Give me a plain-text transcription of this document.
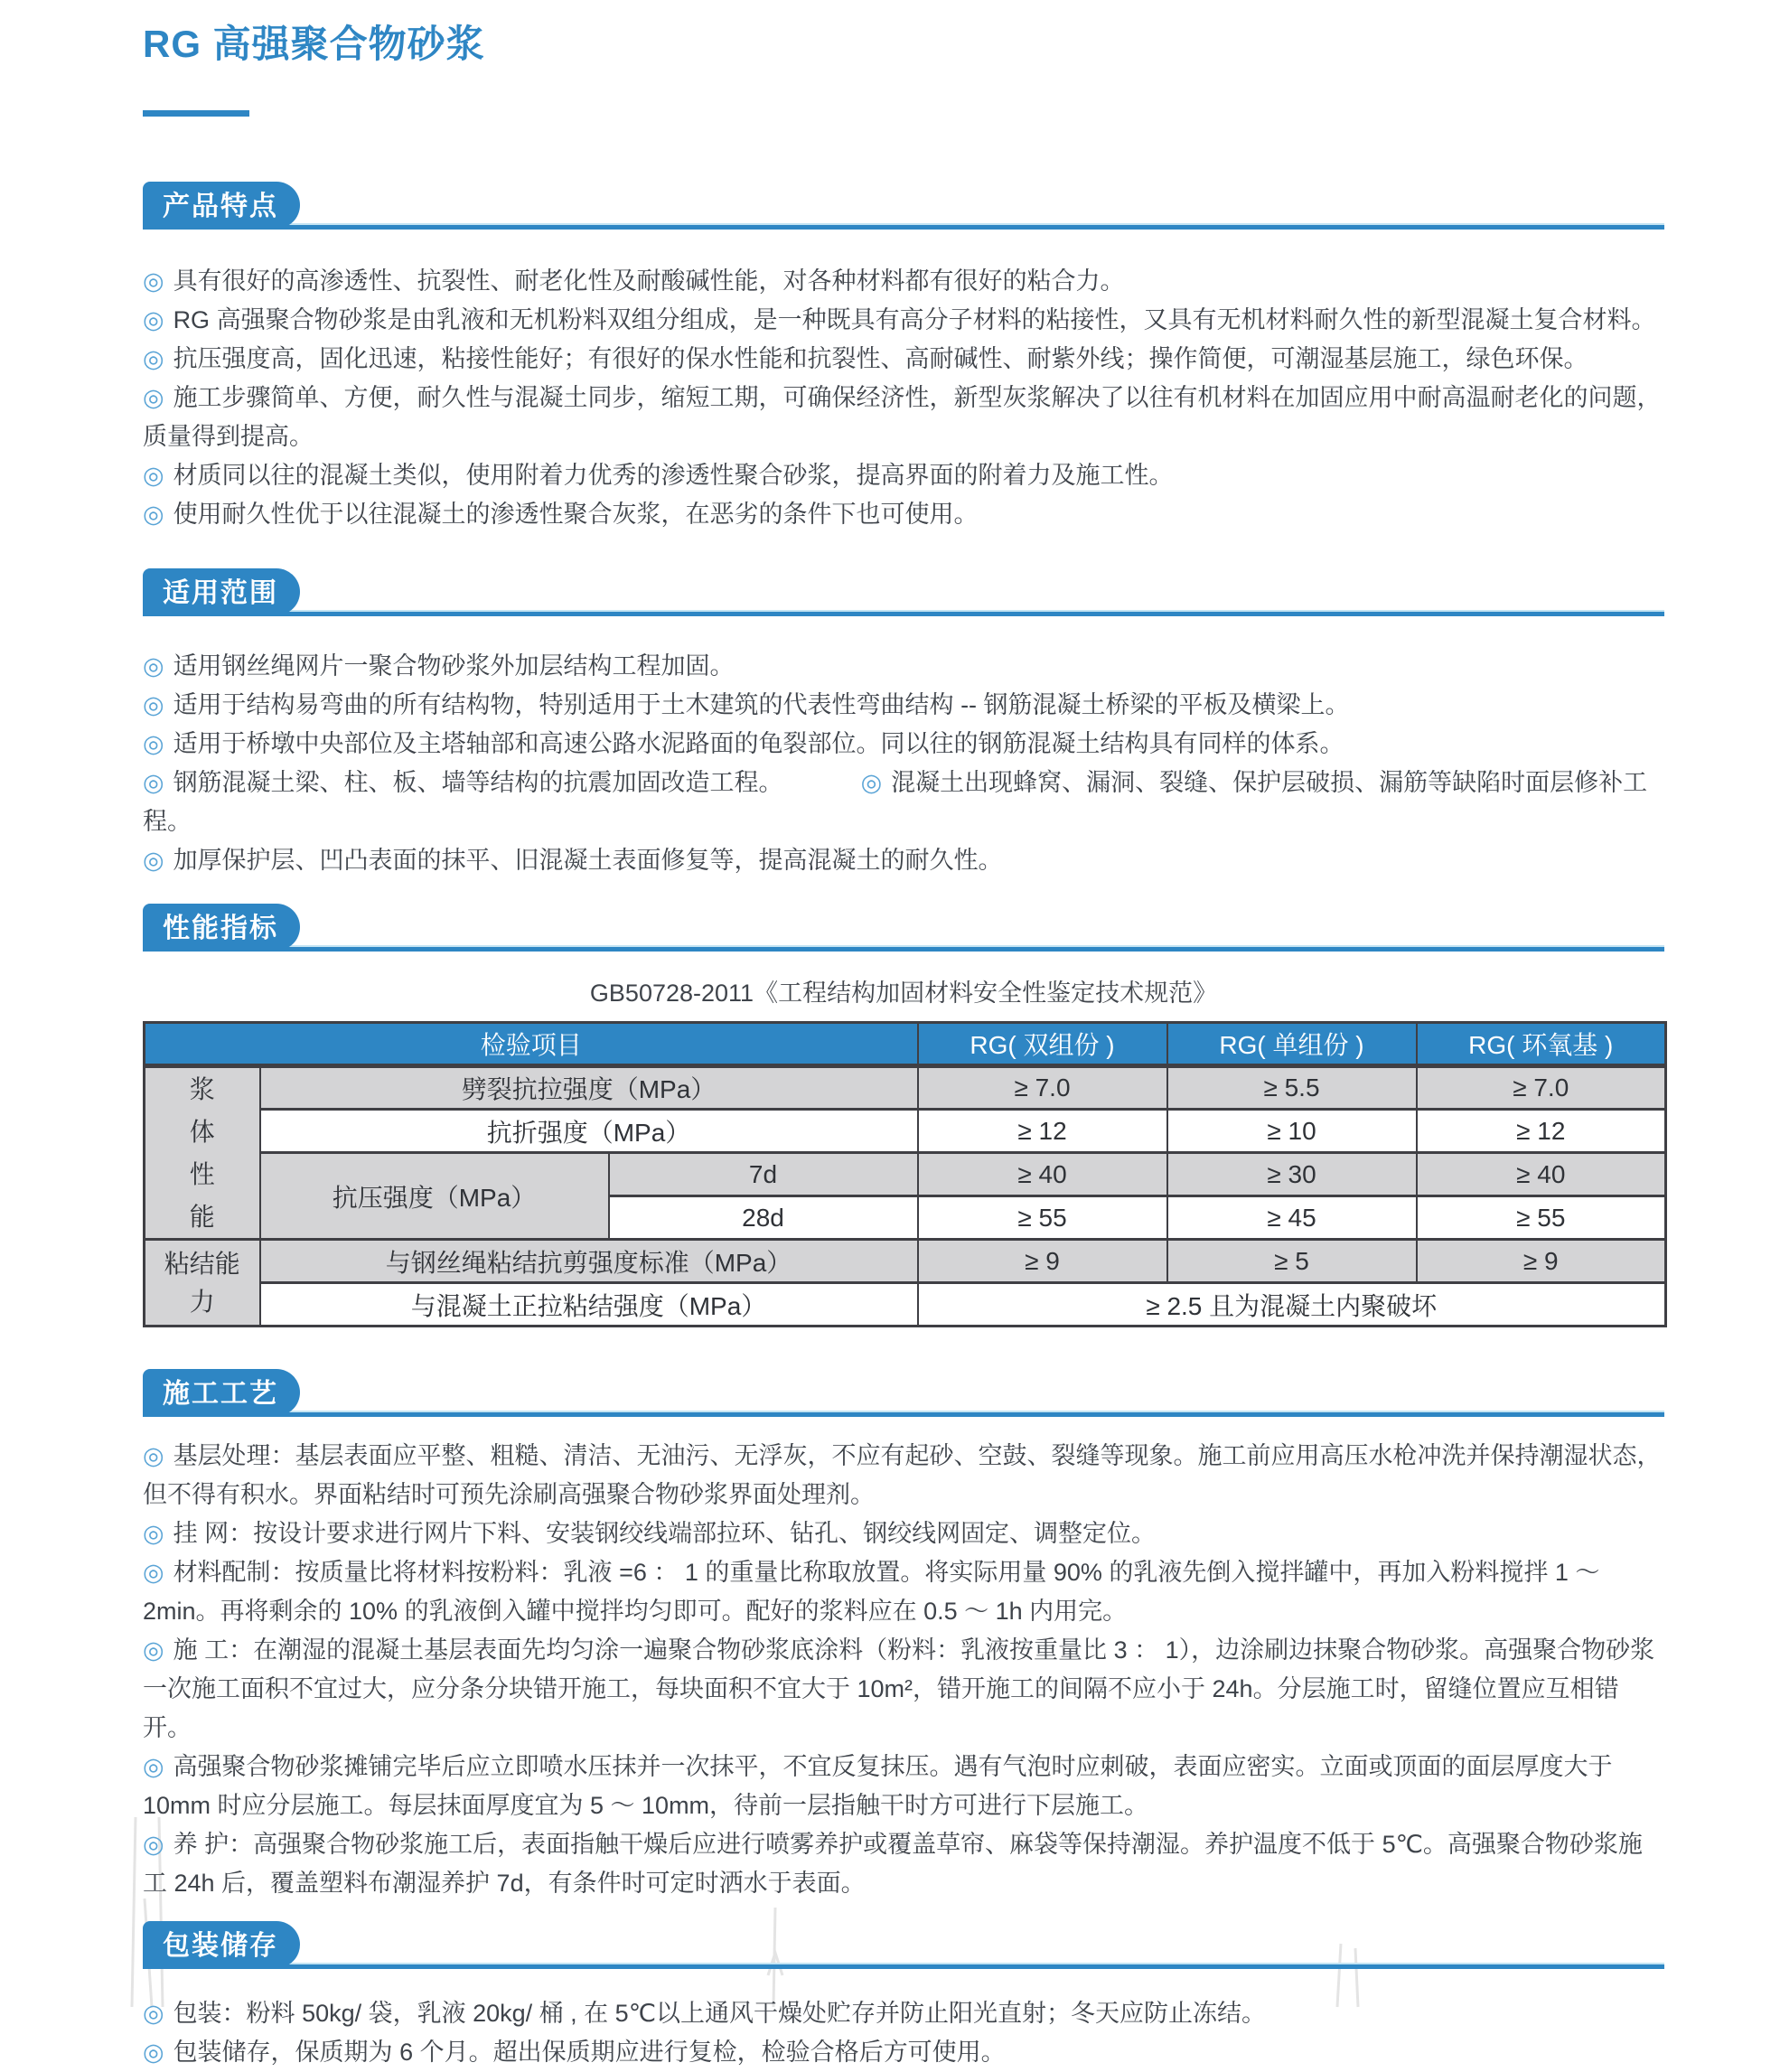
RG 高强聚合物砂浆
产品特点
◎ 具有很好的高渗透性、抗裂性、耐老化性及耐酸碱性能，对各种材料都有很好的粘合力。
◎ RG 高强聚合物砂浆是由乳液和无机粉料双组分组成，是一种既具有高分子材料的粘接性，又具有无机材料耐久性的新型混凝土复合材料。
◎ 抗压强度高，固化迅速，粘接性能好；有很好的保水性能和抗裂性、高耐碱性、耐紫外线；操作简便，可潮湿基层施工，绿色环保。
◎ 施工步骤简单、方便，耐久性与混凝土同步，缩短工期，可确保经济性，新型灰浆解决了以往有机材料在加固应用中耐高温耐老化的问题，质量得到提高。
◎ 材质同以往的混凝土类似，使用附着力优秀的渗透性聚合砂浆，提高界面的附着力及施工性。
◎ 使用耐久性优于以往混凝土的渗透性聚合灰浆，在恶劣的条件下也可使用。
适用范围
◎ 适用钢丝绳网片一聚合物砂浆外加层结构工程加固。
◎ 适用于结构易弯曲的所有结构物，特别适用于土木建筑的代表性弯曲结构 -- 钢筋混凝土桥梁的平板及横梁上。
◎ 适用于桥墩中央部位及主塔轴部和高速公路水泥路面的龟裂部位。同以往的钢筋混凝土结构具有同样的体系。
◎ 钢筋混凝土梁、柱、板、墙等结构的抗震加固改造工程。	◎ 混凝土出现蜂窝、漏洞、裂缝、保护层破损、漏筋等缺陷时面层修补工程。
◎ 加厚保护层、凹凸表面的抹平、旧混凝土表面修复等，提高混凝土的耐久性。
性能指标
GB50728-2011《工程结构加固材料安全性鉴定技术规范》
检验项目			RG( 双组份 )	RG( 单组份 )	RG( 环氧基 )

浆体性能	劈裂抗拉强度（MPa）		≥ 7.0	≥ 5.5	≥ 7.0
	抗折强度（MPa）		≥ 12	≥ 10	≥ 12
	抗压强度（MPa）	7d	≥ 40	≥ 30	≥ 40
		28d	≥ 55	≥ 45	≥ 55

粘结能力	与钢丝绳粘结抗剪强度标准（MPa）		≥ 9	≥ 5	≥ 9
	与混凝土正拉粘结强度（MPa）		≥ 2.5 且为混凝土内聚破坏		
施工工艺
◎ 基层处理：基层表面应平整、粗糙、清洁、无油污、无浮灰，不应有起砂、空鼓、裂缝等现象。施工前应用高压水枪冲洗并保持潮湿状态，但不得有积水。界面粘结时可预先涂刷高强聚合物砂浆界面处理剂。
◎ 挂 网：按设计要求进行网片下料、安装钢绞线端部拉环、钻孔、钢绞线网固定、调整定位。
◎ 材料配制：按质量比将材料按粉料：乳液 =6 ： 1 的重量比称取放置。将实际用量 90% 的乳液先倒入搅拌罐中，再加入粉料搅拌 1 ～ 2min。再将剩余的 10% 的乳液倒入罐中搅拌均匀即可。配好的浆料应在 0.5 ～ 1h 内用完。
◎ 施 工：在潮湿的混凝土基层表面先均匀涂一遍聚合物砂浆底涂料（粉料：乳液按重量比 3 ： 1），边涂刷边抹聚合物砂浆。高强聚合物砂浆一次施工面积不宜过大，应分条分块错开施工，每块面积不宜大于 10m²，错开施工的间隔不应小于 24h。分层施工时，留缝位置应互相错开。
◎ 高强聚合物砂浆摊铺完毕后应立即喷水压抹并一次抹平，不宜反复抹压。遇有气泡时应刺破，表面应密实。立面或顶面的面层厚度大于 10mm 时应分层施工。每层抹面厚度宜为 5 ～ 10mm，待前一层指触干时方可进行下层施工。
◎ 养 护：高强聚合物砂浆施工后，表面指触干燥后应进行喷雾养护或覆盖草帘、麻袋等保持潮湿。养护温度不低于 5℃。高强聚合物砂浆施工 24h 后，覆盖塑料布潮湿养护 7d，有条件时可定时洒水于表面。
包装储存
◎ 包装：粉料 50kg/ 袋，乳液 20kg/ 桶 , 在 5℃以上通风干燥处贮存并防止阳光直射；冬天应防止冻结。
◎ 包装储存，保质期为 6 个月。超出保质期应进行复检，检验合格后方可使用。
